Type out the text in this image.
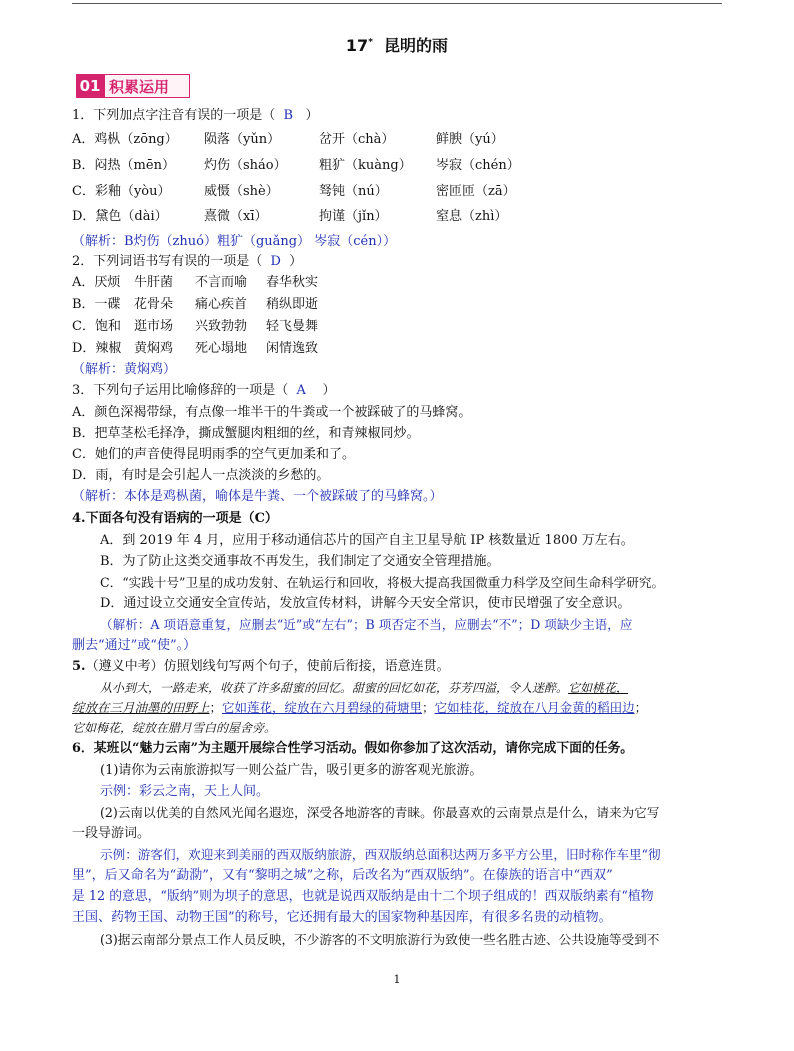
17* 昆明的雨
01 积累运用
1．下列加点字注音有误的一项是（ B ）
A．鸡枞（zōng） 陨落（yǔn）	岔开（chà）	鲜腴（yú）
B．闷热（mēn） 灼伤（sháo） 粗犷（kuàng） 岑寂（chén）
C．彩釉（yòu）	威慑（shè）	驽钝（nú）	密匝匝（zā）
D．黛色（dài）	熹微（xī）	拘谨（jǐn）	窒息（zhì）
（解析：B灼伤（zhuó）粗犷（guǎng） 岑寂（cén））
2．下列词语书写有误的一项是（ D ）
A．厌烦 牛肝菌 不言而喻 春华秋实
B．一碟 花骨朵 痛心疾首 稍纵即逝
C．饱和 逛市场 兴致勃勃 轻飞曼舞
D．辣椒 黄焖鸡 死心塌地 闲情逸致
（解析：黄焖鸡）
3．下列句子运用比喻修辞的一项是（ A ）
A．颜色深褐带绿，有点像一堆半干的牛粪或一个被踩破了的马蜂窝。
B．把草茎松毛择净，撕成蟹腿肉粗细的丝，和青辣椒同炒。
C．她们的声音使得昆明雨季的空气更加柔和了。
D．雨，有时是会引起人一点淡淡的乡愁的。
（解析：本体是鸡枞菌，喻体是牛粪、一个被踩破了的马蜂窝。）
4.下面各句没有语病的一项是（C）
A．到 2019 年 4 月，应用于移动通信芯片的国产自主卫星导航 IP 核数量近 1800 万左右。
B．为了防止这类交通事故不再发生，我们制定了交通安全管理措施。
C．“实践十号”卫星的成功发射、在轨运行和回收，将极大提高我国微重力科学及空间生命科学研究。
D．通过设立交通安全宣传站，发放宣传材料，讲解今天安全常识，使市民增强了安全意识。
（解析：A 项语意重复，应删去“近”或“左右”；B 项否定不当，应删去“不”；D 项缺少主语，应
删去“通过”或“使”。）
5.（遵义中考）仿照划线句写两个句子，使前后衔接，语意连贯。
从小到大，一路走来，收获了许多甜蜜的回忆。甜蜜的回忆如花，芬芳四溢，令人迷醉。它如桃花，
绽放在三月油墨的田野上；它如莲花，绽放在六月碧绿的荷塘里；它如桂花，绽放在八月金黄的稻田边；
它如梅花，绽放在腊月雪白的屋舍旁。
6．某班以“魅力云南”为主题开展综合性学习活动。假如你参加了这次活动，请你完成下面的任务。
(1)请你为云南旅游拟写一则公益广告，吸引更多的游客观光旅游。
示例：彩云之南，天上人间。
(2)云南以优美的自然风光闻名遐迩，深受各地游客的青睐。你最喜欢的云南景点是什么，请来为它写
一段导游词。
示例：游客们，欢迎来到美丽的西双版纳旅游，西双版纳总面积达两万多平方公里，旧时称作车里“彻
里”，后又命名为“勐泐”，又有“黎明之城”之称，后改名为“西双版纳”。在傣族的语言中“西双”
是 12 的意思，“版纳”则为坝子的意思，也就是说西双版纳是由十二个坝子组成的！西双版纳素有“植物
王国、药物王国、动物王国”的称号，它还拥有最大的国家物种基因库，有很多名贵的动植物。
(3)据云南部分景点工作人员反映，不少游客的不文明旅游行为致使一些名胜古迹、公共设施等受到不
1
